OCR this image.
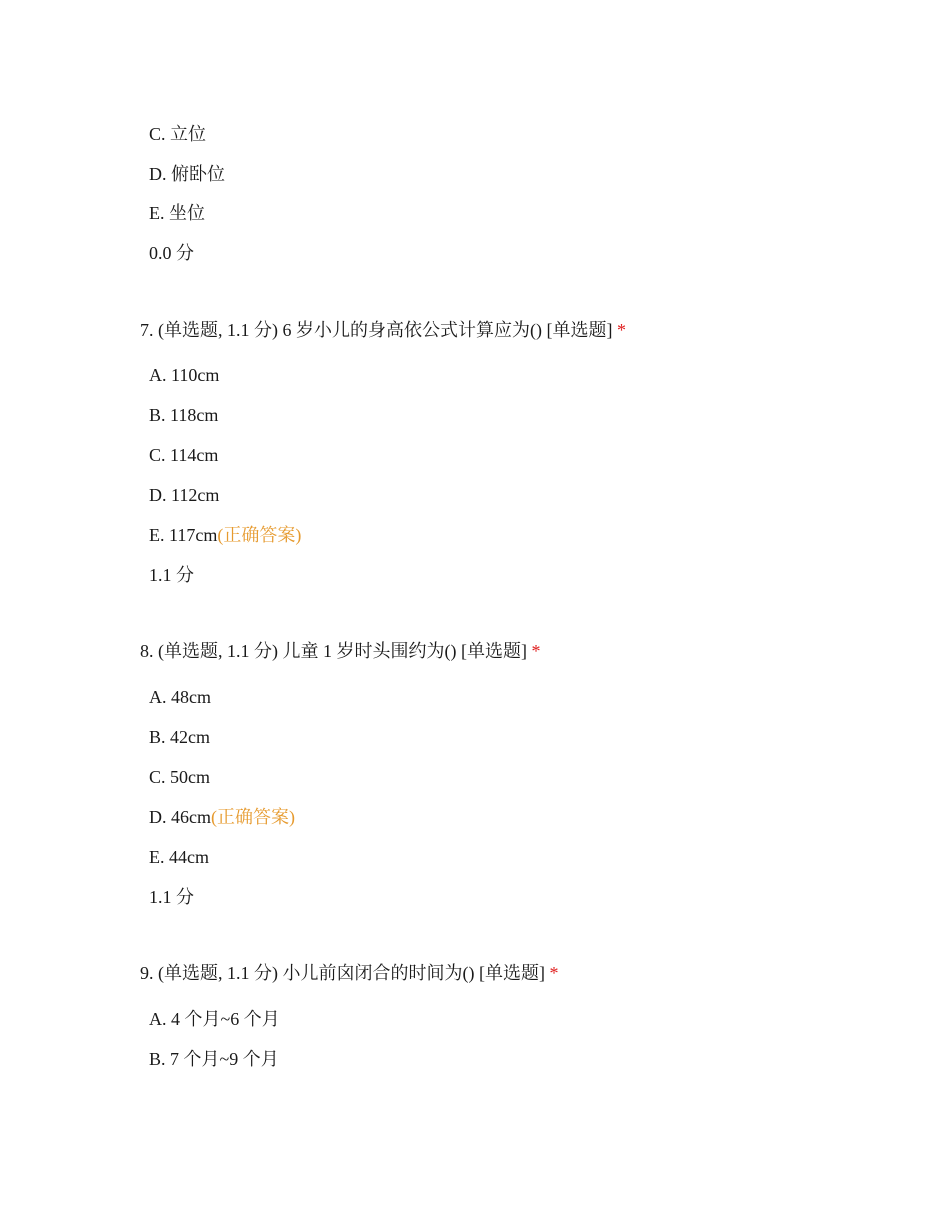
C. 立位
D. 俯卧位
E. 坐位
0.0 分
7. (单选题, 1.1 分) 6 岁小儿的身高依公式计算应为() [单选题] *
A. 110cm
B. 118cm
C. 114cm
D. 112cm
E. 117cm(正确答案)
1.1 分
8. (单选题, 1.1 分) 儿童 1 岁时头围约为() [单选题] *
A. 48cm
B. 42cm
C. 50cm
D. 46cm(正确答案)
E. 44cm
1.1 分
9. (单选题, 1.1 分) 小儿前囟闭合的时间为() [单选题] *
A. 4 个月~6 个月
B. 7 个月~9 个月
